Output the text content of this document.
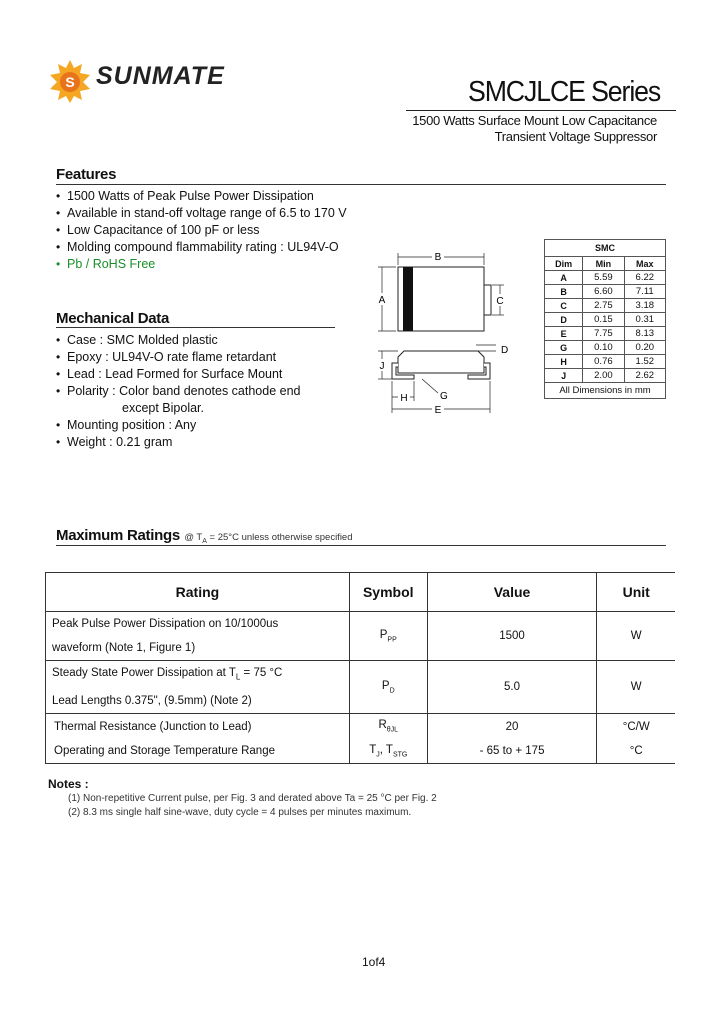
S SUNMATE	SMCJLCE Series
1500 Watts Surface Mount Low Capacitance
Transient Voltage Suppressor
Features
• 1500 Watts of Peak Pulse Power Dissipation
• Available in stand-off voltage range of 6.5 to 170 V
• Low Capacitance of 100 pF or less
• Molding compound flammability rating : UL94V-O
• Pb / RoHS Free
Mechanical Data
• Case : SMC Molded plastic
• Epoxy : UL94V-O rate flame retardant
• Lead : Lead Formed for Surface Mount
• Polarity : Color band denotes cathode end
except Bipolar.
• Mounting position : Any
• Weight : 0.21 gram
B
A	C
D
J
H	G
E
SMC		
Dim	Min	Max
A	5.59	6.22
B	6.60	7.11
C	2.75	3.18
D	0.15	0.31
E	7.75	8.13
G	0.10	0.20
H	0.76	1.52
J	2.00	2.62
All Dimensions in mm		
Maximum Ratings @ $T_A = 25^\circ C$ unless otherwise specified
Rating	Symbol	Value	Unit

Peak Pulse Power Dissipation on 10/1000us
waveform (Note 1, Figure 1)	$P_{PP}$	1500	W

Steady State Power Dissipation at $T_L = 75$ °C
Lead Lengths 0.375", (9.5mm) (Note 2)	$P_D$	5.0	W
Thermal Resistance (Junction to Lead)	$R_{\theta JL}$	20	°C/W
Operating and Storage Temperature Range	$T_J$, $T_{STG}$	- 65 to + 175	°C
Notes :
(1) Non-repetitive Current pulse, per Fig. 3 and derated above Ta = 25 °C per Fig. 2
(2) 8.3 ms single half sine-wave, duty cycle = 4 pulses per minutes maximum.
1of4
